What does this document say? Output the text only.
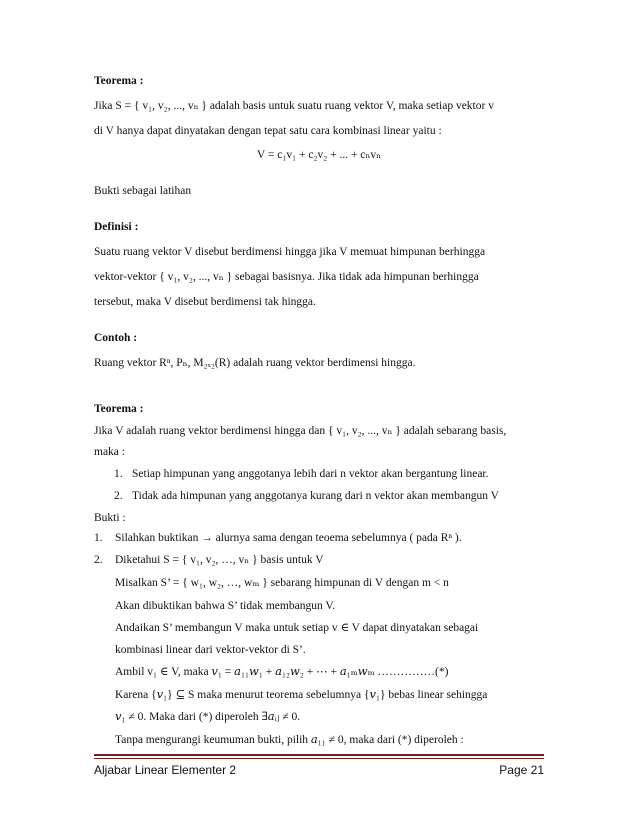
Teorema :
Jika S = { v₁, v₂, ..., vₙ } adalah basis untuk suatu ruang vektor V, maka setiap vektor v
di V hanya dapat dinyatakan dengan tepat satu cara kombinasi linear yaitu :
V = c₁v₁ + c₂v₂ + ... + cₙvₙ
Bukti sebagai latihan
Definisi :
Suatu ruang vektor V disebut berdimensi hingga jika V memuat himpunan berhingga
vektor-vektor { v₁, v₂, ..., vₙ } sebagai basisnya. Jika tidak ada himpunan berhingga
tersebut, maka V disebut berdimensi tak hingga.
Contoh :
Ruang vektor Rⁿ, Pₙ, M₂ₓ₂(R) adalah ruang vektor berdimensi hingga.
Teorema :
Jika V adalah ruang vektor berdimensi hingga dan { v₁, v₂, ..., vₙ } adalah sebarang basis,
maka :
1. Setiap himpunan yang anggotanya lebih dari n vektor akan bergantung linear.
2. Tidak ada himpunan yang anggotanya kurang dari n vektor akan membangun V
Bukti :
1. Silahkan buktikan → alurnya sama dengan teoema sebelumnya ( pada Rⁿ ).
2. Diketahui S = { v₁, v₂, …, vₙ } basis untuk V
Misalkan S’ = { w₁, w₂, …, wₘ } sebarang himpunan di V dengan m < n
Akan dibuktikan bahwa S’ tidak membangun V.
Andaikan S’ membangun V maka untuk setiap v ∈ V dapat dinyatakan sebagai
kombinasi linear dari vektor-vektor di S’.
Ambil v₁ ∈ V, maka 𝑣₁ = 𝑎₁₁𝑤₁ + 𝑎₁₂𝑤₂ + ⋯ + 𝑎₁ₘ𝑤ₘ ……………(*)
Karena {𝑣₁} ⊆ S maka menurut teorema sebelumnya {𝑣₁} bebas linear sehingga
𝑣₁ ≠ 0. Maka dari (*) diperoleh ∃𝑎ᵢⱼ ≠ 0.
Tanpa mengurangi keumuman bukti, pilih 𝑎₁₁ ≠ 0, maka dari (*) diperoleh :
Aljabar Linear Elementer 2	Page 21
